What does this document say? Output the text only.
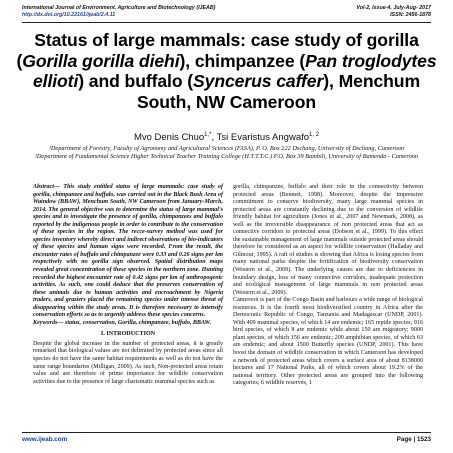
International Journal of Environment, Agriculture and Biotechnology (IJEAB)	Vol-2, Issue-4, July-Aug- 2017
http://dx.doi.org/10.22161/ijeab/2.4.11	ISSN: 2456-1878
Status of large mammals: case study of gorilla (Gorilla gorilla diehi), chimpanzee (Pan troglodytes ellioti) and buffalo (Syncerus caffer), Menchum South, NW Cameroon
Mvo Denis Chuo$^{1,*}$, Tsi Evaristus Angwafo$^{1, 2}$

¹Department of Forestry, Faculty of Agronomy and Agricultural Sciences (FASA), P. O. Box 222 Dschang, University of Dschang, Cameroon

²Department of Fundamental Science Higher Technical Teacher Training College (H.T.T.T.C.) P.O. Box 39 Bambili, University of Bamenda - Cameroon

Abstract— This study entitled status of large mammals: case study of gorilla, chimpanzee and buffalo, was carried out in the Black Bush Area of Waindow (BBAW), Menchum South, NW Cameroon from January-March, 2014. The general objective was to determine the status of large mammal's species and to investigate the presence of gorilla, chimpanzees and buffalo reported by the indigenous people in order to contribute to the conservation of these species in the region. The recce-survey method was used for species inventory whereby direct and indirect observations of bio-indicators of these species and human signs were recorded. From the result, the encounter rates of buffalo and chimpanzee were 0.33 and 0.26 signs per km respectively with no gorilla sign observed. Spatial distribution maps revealed great concentration of these species in the northern zone. Hunting recorded the highest encounter rate of 0.42 signs per km of anthropogenic activities. As such, one could deduce that the preserves conservation of these animals due to human activities and encroachment by Nigeria traders, and graziers placed the remaining species under intense threat of disappearing within the study areas. It is therefore necessary to intensify conservation efforts so as to urgently address these species concerns.

Keywords— status, conservation, Gorilla, chimpanzee, buffalo, BBAW.

I. INTRODUCTION

Despite the global increase in the number of protected areas, it is greatly remarked that biological values are not delimited by protected areas since all species do not have the same habitat requirements as well as do not have the same range boundaries (Milligan, 2009). As such, Non-protected areas retain value and are therefore of prime importance for wildlife conservation activities due to the presence of large charismatic mammal species such as

gorilla, chimpanzee, buffalo and their role in the connectivity between protected areas (Bennett, 1998). Moreover, despite the impressive commitment to conserve biodiversity, many large mammal species in protected areas are constantly declining due to the conversion of wildlife friendly habitat for agriculture (Jones et al., 2007 and Newmark, 2008), as well as the irreversible disappearance of non protected areas that act as connective corridors to protected areas (Dobson et al., 1999). To this effect the sustainable management of large mammals outside protected areas should therefore be considered as an aspect for wildlife conservation (Halladay and Gilmour, 1995). A raft of studies is showing that Africa is losing species from many national parks despite the fortification of biodiversity conservation (Western et al., 2009). The underlying causes are due to deficiencies in boundary design, loss of many connective corridors, inadequate protection and ecological management of large mammals in non protected areas (Western et al., 2009).

Cameroon is part of the Congo Basin and harbours a wide range of biological resources. It is the fourth most biodiversified country in Africa after the Democratic Republic of Congo, Tanzania and Madagascar (UNDP, 2001). With 409 mammal species, of which 14 are endemic; 165 reptile species; 916 bird species, of which 8 are endemic while about 150 are migratory; 9000 plant species, of which 156 are endemic; 200 amphibian species, of which 63 are endemic; and about 1500 Butterfly species (UNDP, 2001). This have boost the domain of wildlife conservation in which Cameroon has developed a network of protected areas which covers a surface area of about 8138000 hectares and 17 National Parks, all of which covers about 19.2% of the national territory. Other protected areas are grouped into the following categories; 6 wildlife reserves, 1

www.ijeab.com	Page | 1523
